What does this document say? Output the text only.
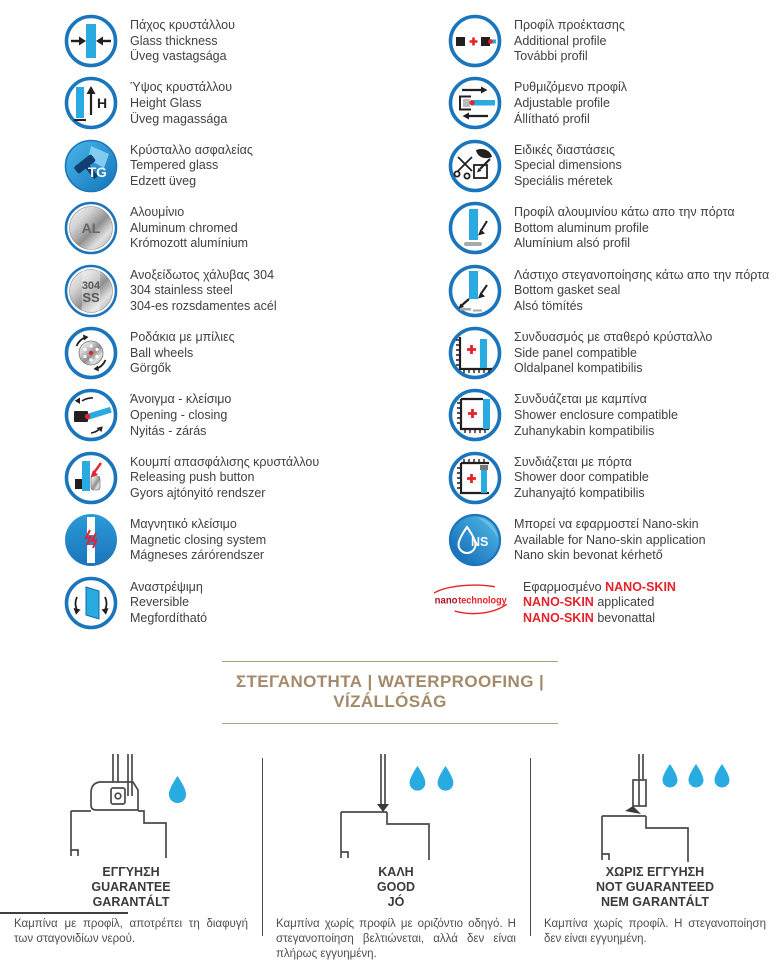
Πάχος κρυστάλλου
Glass thickness
Üveg vastagsága
H
Ύψος κρυστάλλου
Height Glass
Üveg magassága
TG
Κρύσταλλο ασφαλείας
Tempered glass
Edzett üveg
AL
Αλουμίνιο
Aluminum chromed
Krómozott alumínium
304
SS
Ανοξείδωτος χάλυβας 304
304 stainless steel
304-es rozsdamentes acél
Ροδάκια με μπίλιες
Ball wheels
Görgők
Άνοιγμα - κλείσιμο
Opening - closing
Nyitás - zárás
Κουμπί απασφάλισης κρυστάλλου
Releasing push button
Gyors ajtónyitó rendszer
Μαγνητικό κλείσιμο
Magnetic closing system
Mágneses zárórendszer
Αναστρέψιμη
Reversible
Megfordítható
Προφίλ προέκτασης
Additional profile
További profil
Ρυθμιζόμενο προφίλ
Adjustable profile
Állítható profil
Ειδικές διαστάσεις
Special dimensions
Speciális méretek
Προφίλ αλουμινίου κάτω απο την πόρτα
Bottom aluminum profile
Alumínium alsó profil
Λάστιχο στεγανοποίησης κάτω απο την πόρτα
Bottom gasket seal
Alsó tömítés
Συνδυασμός με σταθερό κρύσταλλο
Side panel compatible
Oldalpanel kompatibilis
Συνδυάζεται με καμπίνα
Shower enclosure compatible
Zuhanykabin kompatibilis
Συνδιάζεται με πόρτα
Shower door compatible
Zuhanyajtó kompatibilis
NS
Μπορεί να εφαρμοστεί Nano-skin
Available for Nano-skin application
Nano skin bevonat kérhető
nano technology
Εφαρμοσμένο NANO-SKIN
NANO-SKIN applicated
NANO-SKIN bevonattal
ΣΤΕΓΑΝΟΤΗΤΑ | WATERPROOFING | VÍZÁLLÓSÁG
ΕΓΓΥΗΣΗ
GUARANTEE
GARANTÁLT
Καμπίνα με προφίλ, αποτρέπει τη διαφυγή των σταγονιδίων νερού.
ΚΑΛΗ
GOOD
JÓ
Καμπίνα χωρίς προφίλ με οριζόντιο οδηγό. Η στεγανοποίηση βελτιώνεται, αλλά δεν είναι πλήρως εγγυημένη.
ΧΩΡΙΣ ΕΓΓΥΗΣΗ
NOT GUARANTEED
NEM GARANTÁLT
Καμπίνα χωρίς προφίλ. Η στεγανοποίηση δεν είναι εγγυημένη.
